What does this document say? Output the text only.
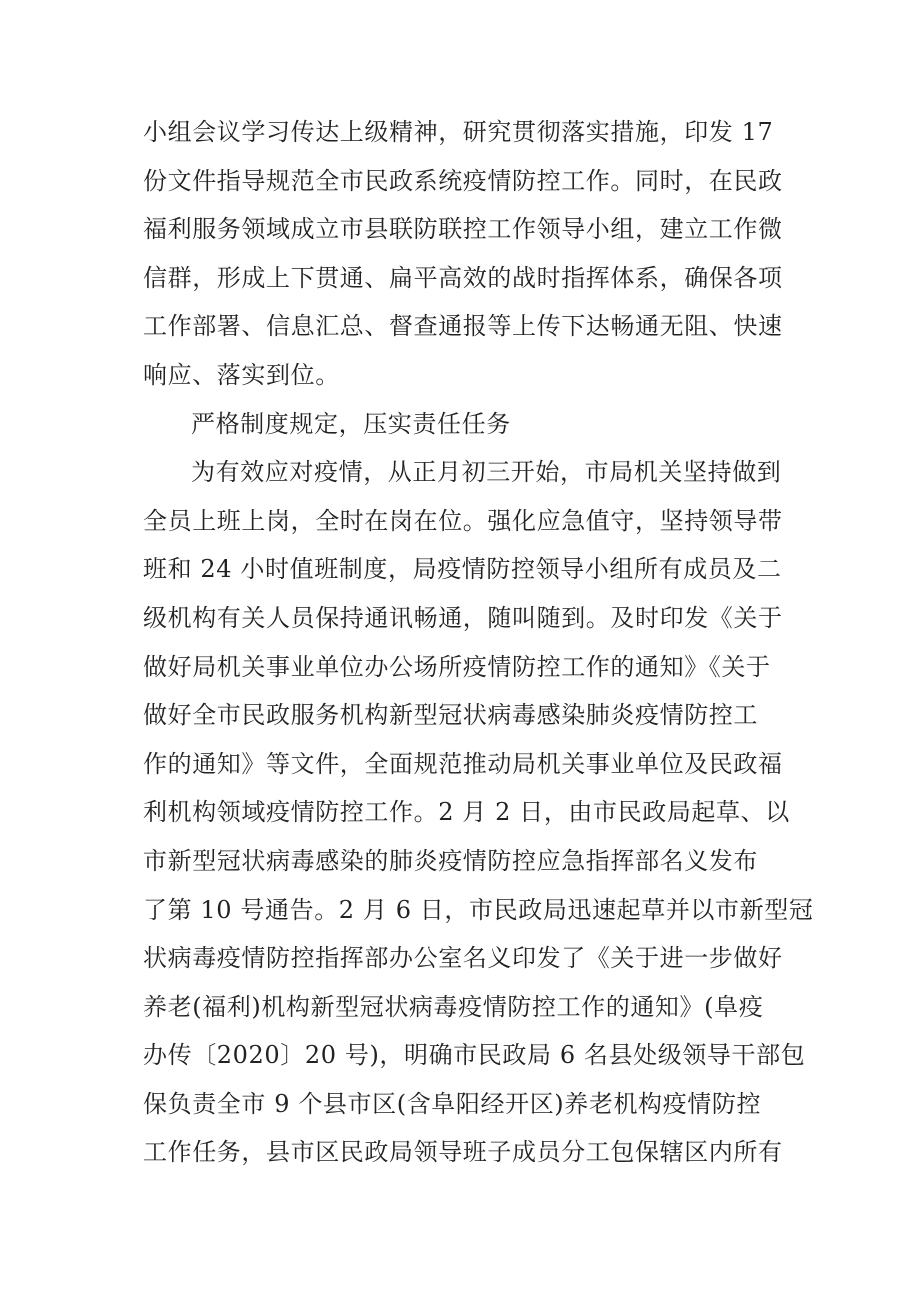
小组会议学习传达上级精神，研究贯彻落实措施，印发 17
份文件指导规范全市民政系统疫情防控工作。同时，在民政
福利服务领域成立市县联防联控工作领导小组，建立工作微
信群，形成上下贯通、扁平高效的战时指挥体系，确保各项
工作部署、信息汇总、督查通报等上传下达畅通无阻、快速
响应、落实到位。
严格制度规定，压实责任任务
为有效应对疫情，从正月初三开始，市局机关坚持做到
全员上班上岗，全时在岗在位。强化应急值守，坚持领导带
班和 24 小时值班制度，局疫情防控领导小组所有成员及二
级机构有关人员保持通讯畅通，随叫随到。及时印发《关于
做好局机关事业单位办公场所疫情防控工作的通知》《关于
做好全市民政服务机构新型冠状病毒感染肺炎疫情防控工
作的通知》等文件，全面规范推动局机关事业单位及民政福
利机构领域疫情防控工作。2 月 2 日，由市民政局起草、以
市新型冠状病毒感染的肺炎疫情防控应急指挥部名义发布
了第 10 号通告。2 月 6 日，市民政局迅速起草并以市新型冠
状病毒疫情防控指挥部办公室名义印发了《关于进一步做好
养老(福利)机构新型冠状病毒疫情防控工作的通知》(阜疫
办传〔2020〕20 号)，明确市民政局 6 名县处级领导干部包
保负责全市 9 个县市区(含阜阳经开区)养老机构疫情防控
工作任务，县市区民政局领导班子成员分工包保辖区内所有
